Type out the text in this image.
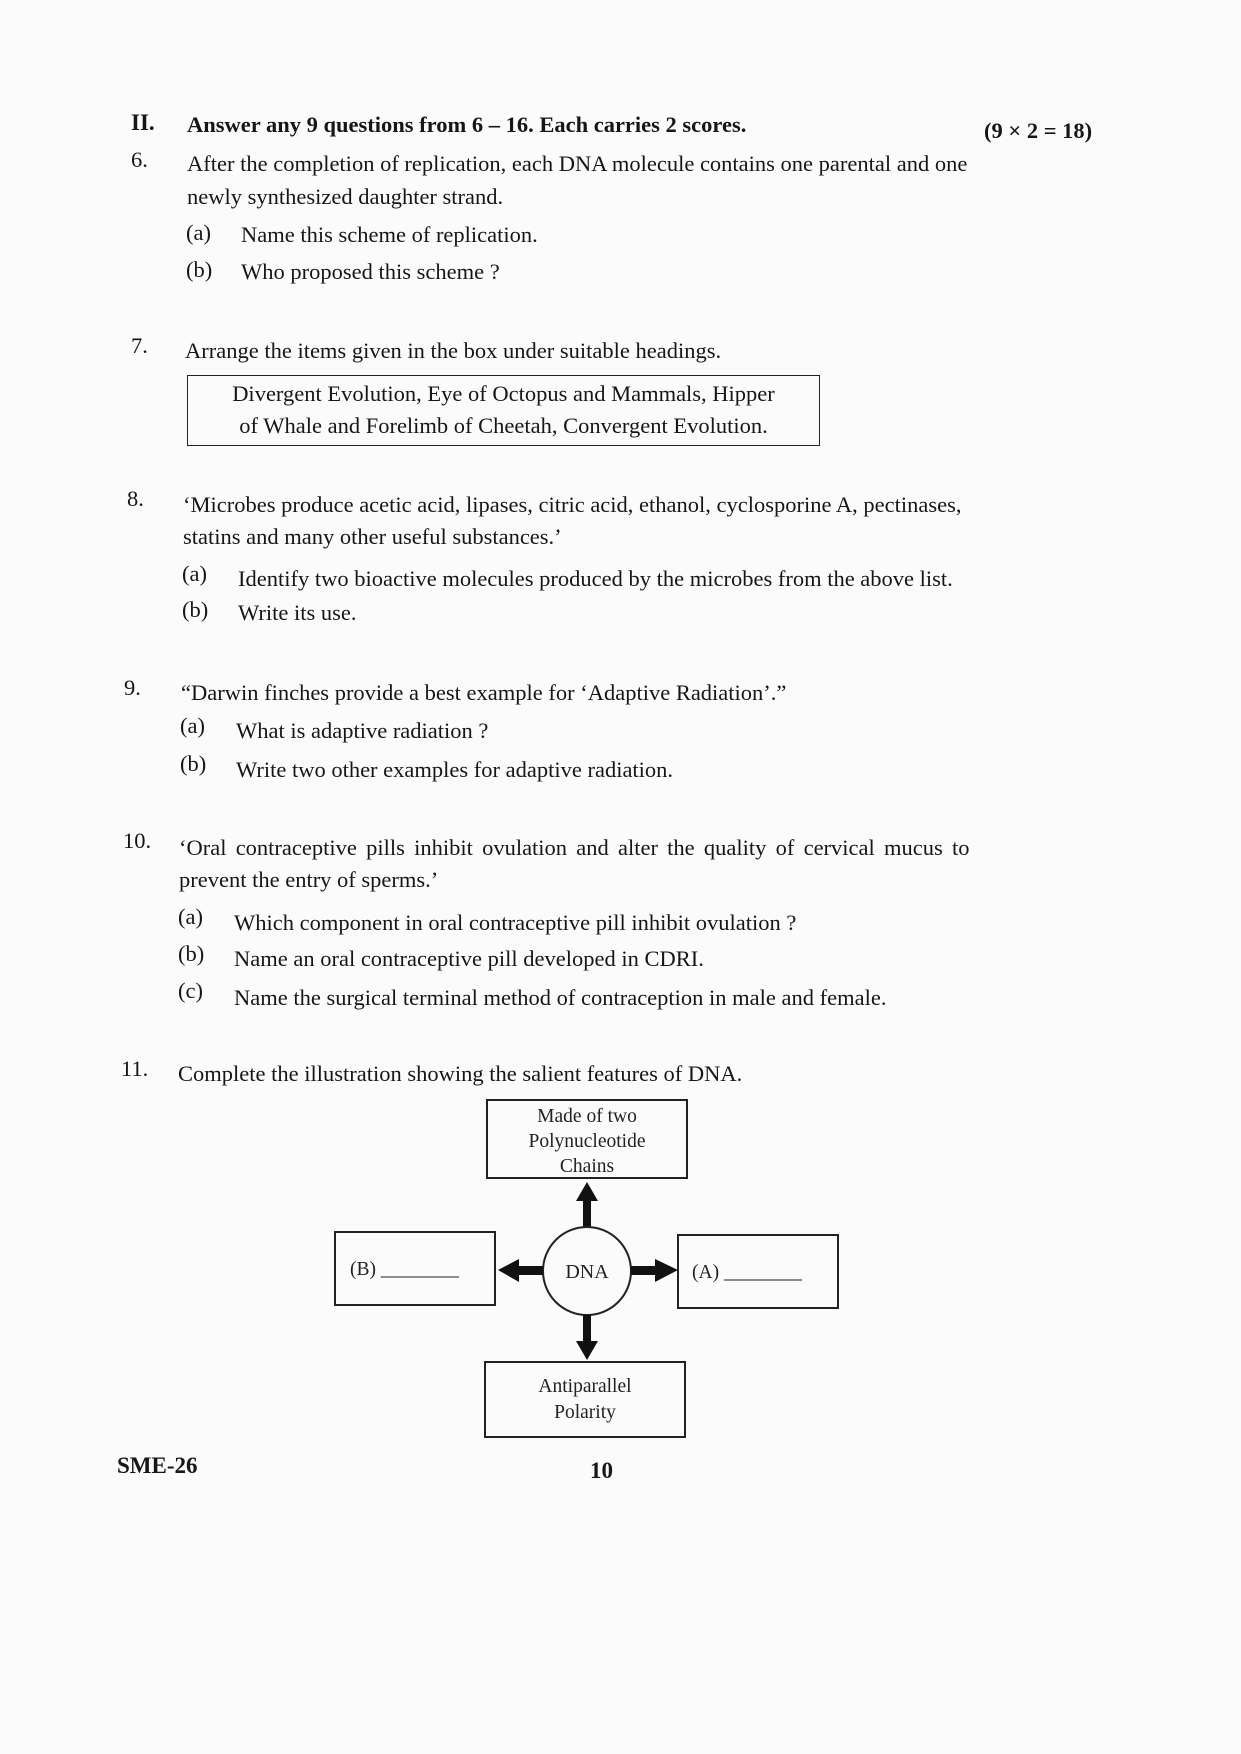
II. Answer any 9 questions from 6 – 16. Each carries 2 scores.	(9 × 2 = 18)
6. After the completion of replication, each DNA molecule contains one parental and one
newly synthesized daughter strand.
(a) Name this scheme of replication.
(b) Who proposed this scheme ?
7. Arrange the items given in the box under suitable headings.
Divergent Evolution, Eye of Octopus and Mammals, Hipper
of Whale and Forelimb of Cheetah, Convergent Evolution.
8. ‘Microbes produce acetic acid, lipases, citric acid, ethanol, cyclosporine A, pectinases,
statins and many other useful substances.’
(a) Identify two bioactive molecules produced by the microbes from the above list.
(b) Write its use.
9. “Darwin finches provide a best example for ‘Adaptive Radiation’.”
(a) What is adaptive radiation ?
(b) Write two other examples for adaptive radiation.
10. ‘Oral contraceptive pills inhibit ovulation and alter the quality of cervical mucus to
prevent the entry of sperms.’
(a) Which component in oral contraceptive pill inhibit ovulation ?
(b) Name an oral contraceptive pill developed in CDRI.
(c) Name the surgical terminal method of contraception in male and female.
11. Complete the illustration showing the salient features of DNA.
Made of two
Polynucleotide
Chains
DNA
(B) ________	(A) ________
Antiparallel
Polarity
SME-26	10
